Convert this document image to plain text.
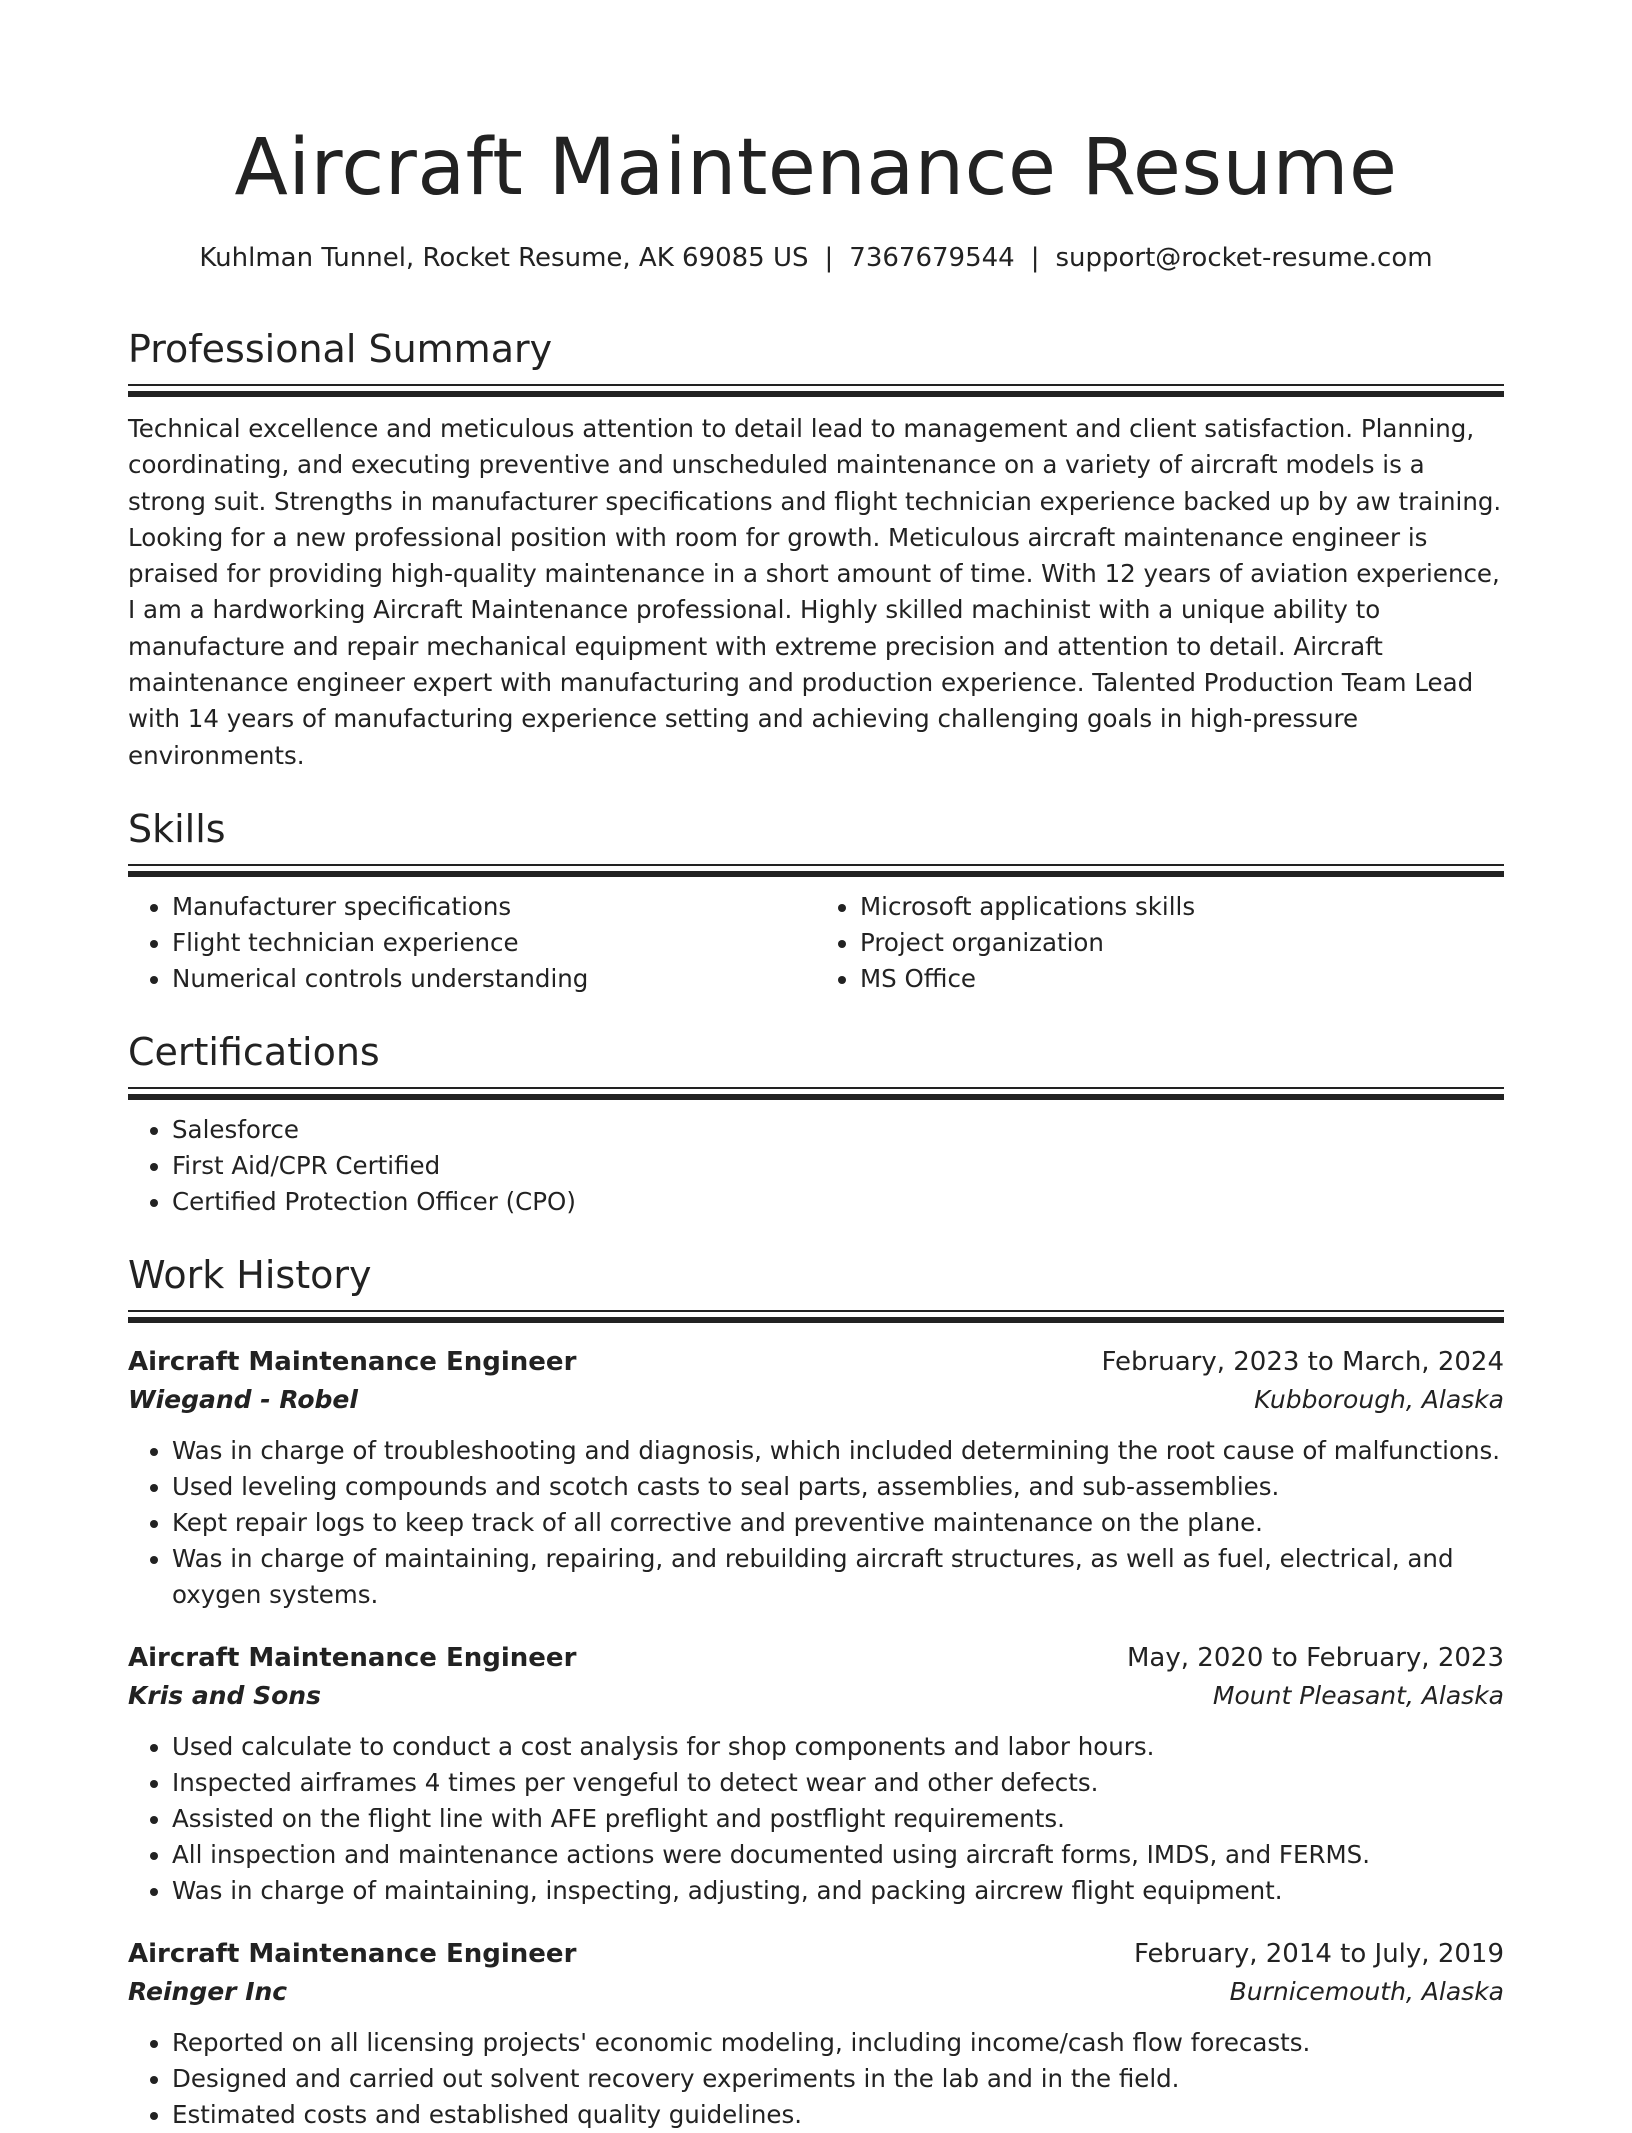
Aircraft Maintenance Resume
Kuhlman Tunnel, Rocket Resume, AK 69085 US | 7367679544 | support@rocket-resume.com
Professional Summary

Technical excellence and meticulous attention to detail lead to management and client satisfaction. Planning, coordinating, and executing preventive and unscheduled maintenance on a variety of aircraft models is a strong suit. Strengths in manufacturer specifications and flight technician experience backed up by aw training. Looking for a new professional position with room for growth. Meticulous aircraft maintenance engineer is praised for providing high-quality maintenance in a short amount of time. With 12 years of aviation experience, I am a hardworking Aircraft Maintenance professional. Highly skilled machinist with a unique ability to manufacture and repair mechanical equipment with extreme precision and attention to detail. Aircraft maintenance engineer expert with manufacturing and production experience. Talented Production Team Lead with 14 years of manufacturing experience setting and achieving challenging goals in high-pressure environments.

Skills
• Manufacturer specifications
• Flight technician experience
• Numerical controls understanding
• Microsoft applications skills
• Project organization
• MS Office
Certifications
• Salesforce
• First Aid/CPR Certified
• Certified Protection Officer (CPO)
Work History
Aircraft Maintenance Engineer	February, 2023 to March, 2024
Wiegand - Robel	Kubborough, Alaska
• Was in charge of troubleshooting and diagnosis, which included determining the root cause of malfunctions.
• Used leveling compounds and scotch casts to seal parts, assemblies, and sub-assemblies.
• Kept repair logs to keep track of all corrective and preventive maintenance on the plane.
• Was in charge of maintaining, repairing, and rebuilding aircraft structures, as well as fuel, electrical, and oxygen systems.
Aircraft Maintenance Engineer	May, 2020 to February, 2023
Kris and Sons	Mount Pleasant, Alaska
• Used calculate to conduct a cost analysis for shop components and labor hours.
• Inspected airframes 4 times per vengeful to detect wear and other defects.
• Assisted on the flight line with AFE preflight and postflight requirements.
• All inspection and maintenance actions were documented using aircraft forms, IMDS, and FERMS.
• Was in charge of maintaining, inspecting, adjusting, and packing aircrew flight equipment.
Aircraft Maintenance Engineer	February, 2014 to July, 2019
Reinger Inc	Burnicemouth, Alaska
• Reported on all licensing projects' economic modeling, including income/cash flow forecasts.
• Designed and carried out solvent recovery experiments in the lab and in the field.
• Estimated costs and established quality guidelines.
